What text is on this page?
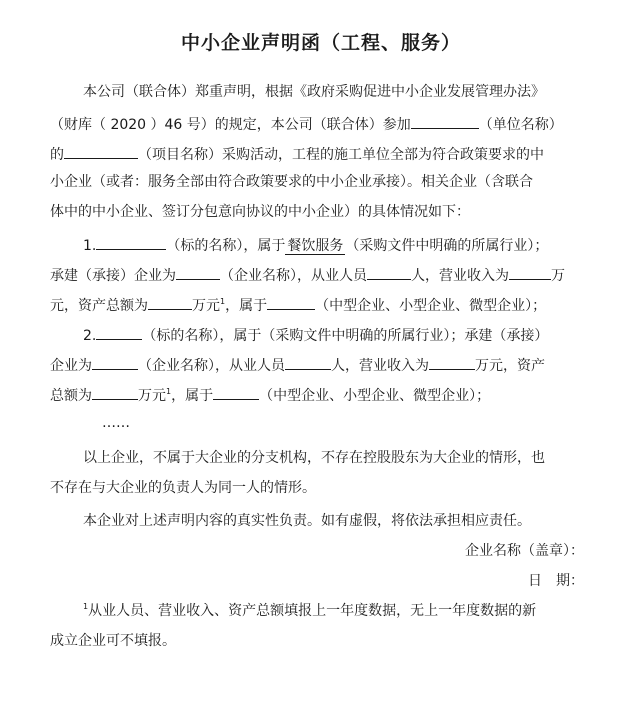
中小企业声明函（工程、服务）
本公司（联合体）郑重声明，根据《政府采购促进中小企业发展管理办法》
（财库（ 2020 ）46 号）的规定，本公司（联合体）参加	（单位名称）
的	（项目名称）采购活动，工程的施工单位全部为符合政策要求的中
小企业（或者：服务全部由符合政策要求的中小企业承接）。相关企业（含联合
体中的中小企业、签订分包意向协议的中小企业）的具体情况如下：
1.	（标的名称），属于 餐饮服务 （采购文件中明确的所属行业）；
承建（承接）企业为	（企业名称），从业人员	人，营业收入为	万
元，资产总额为	万元$^1$，属于	（中型企业、小型企业、微型企业）；
2.	（标的名称），属于（采购文件中明确的所属行业）；承建（承接）
企业为	（企业名称），从业人员	人，营业收入为	万元，资产
总额为	万元$^1$，属于	（中型企业、小型企业、微型企业）；
……
以上企业，不属于大企业的分支机构，不存在控股股东为大企业的情形，也
不存在与大企业的负责人为同一人的情形。
本企业对上述声明内容的真实性负责。如有虚假，将依法承担相应责任。
企业名称（盖章）：
日　期：
$^1$从业人员、营业收入、资产总额填报上一年度数据，无上一年度数据的新
成立企业可不填报。
